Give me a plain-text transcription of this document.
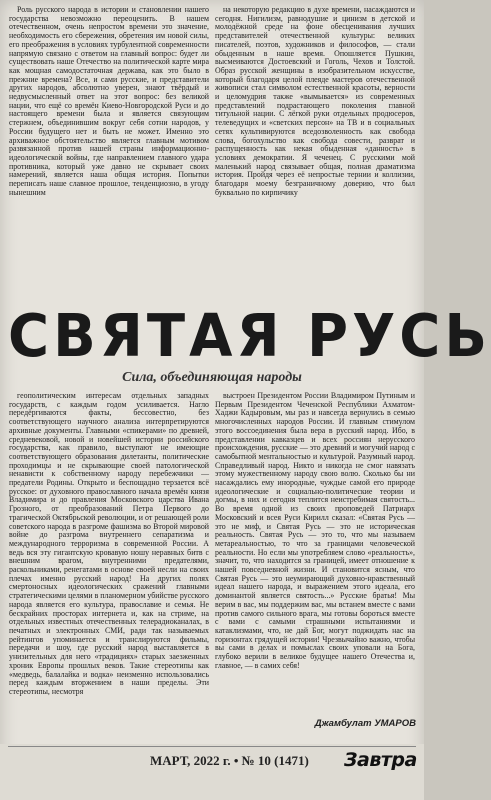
Роль русского народа в истории и становлении нашего государства невозможно переоценить. В нашем отечественном, очень непростом времени это значение, необходимость его сбережения, обретения им новой силы, его преображения в условиях турбулентной современности напрямую связано с ответом на главный вопрос: будет ли существовать наше Отечество на политической карте мира как мощная самодостаточная держава, как это было в прежние времена? Все, и сами русские, и представители других народов, абсолютно уверен, знают твёрдый и недвусмысленный ответ на этот вопрос: без великой нации, что ещё со времён Киево-Новгородской Руси и до настоящего времени была и является связующим стержнем, объединившим вокруг себя сотни народов, у России будущего нет и быть не может. Именно это архиважное обстоятельство является главным мотивом развязанной против нашей страны информационно-идеологической войны, где направлением главного удара противника, который уже давно не скрывает своих намерений, является наша общая история. Попытки переписать наше славное прошлое, тенденциозно, в угоду нынешним

на некоторую редакцию в духе времени, насаждаются и сегодня. Нигилизм, равнодушие и цинизм в детской и молодёжной среде на фоне обесценивания лучших представителей отечественной культуры: великих писателей, поэтов, художников и философов, — стали обыденным в наше время. Опошляется Пушкин, высмеиваются Достоевский и Гоголь, Чехов и Толстой. Образ русской женщины в изобразительном искусстве, который благодаря целой плеяде мастеров отечественной живописи стал символом естественной красоты, верности и целомудрия также «вымывается» из современных представлений подрастающего поколения главной титульной нации. С лёгкой руки отдельных продюсеров, телеведущих и «светских персон» на ТВ и в социальных сетях культивируются вседозволенность как свобода слова, богохульство как свобода совести, разврат и распущенность как некая обыденная «данность» в условиях демократии. Я чеченец. С русскими мой маленький народ связывает общая, полная драматизма история. Пройдя через её непростые тернии и коллизии, благодаря моему безграничному доверию, что был буквально по кирпичику

СВЯТАЯ РУСЬ
Сила, объединяющая народы

геополитическим интересам отдельных западных государств, с каждым годом усиливается. Нагло передёргиваются факты, бессовестно, без соответствующего научного анализа интерпретируются архивные документы. Главными «спикерами» по древней, средневековой, новой и новейшей истории российского государства, как правило, выступают не имеющие соответствующего образования дилетанты, политические проходимцы и не скрывающие своей патологической ненависти к собственному народу перебежчики — предатели Родины. Открыто и беспощадно терзается всё русское: от духовного православного начала времён князя Владимира и до правления Московского царства Ивана Грозного, от преобразований Петра Первого до трагической Октябрьской революции, и от решающей роли советского народа в разгроме фашизма во Второй мировой войне до разгрома внутреннего сепаратизма и международного терроризма в современной России. А ведь вся эту гигантскую кровавую ношу неравных битв с внешним врагом, внутренними предателями, раскольниками, ренегатами в основе своей несли на своих плечах именно русский народ! На других полях смертоносных идеологических сражений главными стратегическими целями в планомерном убийстве русского народа является его культура, православие и семья. Не бескрайних просторах интернета и, как на стриме, на отдельных известных отечественных телерадиоканалах, в печатных и электронных СМИ, ради так называемых рейтингов упоминается и транслируются фильмы, передачи и шоу, где русский народ выставляется в унизительных для него «традициях» старых заезженных хроник Европы прошлых веков. Такие стереотипы как «медведь, балалайка и водка» неизменно использовались перед каждым вторжением в наши пределы. Эти стереотипы, несмотря

выстроен Президентом России Владимиром Путиным и Первым Президентом Чеченской Республики Ахматом-Хаджи Кадыровым, мы раз и навсегда вернулись в семью многочисленных народов России. И главным стимулом этого воссоединения была вера в русский народ. Ибо, в представлении кавказцев и всех россиян нерусского происхождения, русские — это древний и могучий народ с самобытной ментальностью и культурой. Разумный народ. Справедливый народ. Никто и никогда не смог навязать этому мужественному народу свою волю. Сколько бы ни насаждались ему инородные, чуждые самой его природе идеологические и социально-политические теории и догмы, в них и сегодня теплится неистребимая святость... Во время одной из своих проповедей Патриарх Московский и всея Руси Кирилл сказал: «Святая Русь — это не миф, и Святая Русь — это не историческая реальность. Святая Русь — это то, что мы называем метареальностью, то что за границами человеческой реальности. Но если мы употребляем слово «реальность», значит, то, что находится за границей, имеет отношение к нашей повседневной жизни. И становится ясным, что Святая Русь — это неумирающий духовно-нравственный идеал нашего народа, и выражением этого идеала, его доминантой является святость...» Русские братья! Мы верим в вас, мы поддержим вас, мы встанем вместе с вами против самого сильного врага, мы готовы бороться вместе с вами с самыми страшными испытаниями и катаклизмами, что, не дай Бог, могут поджидать нас на горизонтах грядущей истории! Чрезвычайно важно, чтобы вы сами в делах и помыслах своих уповали на Бога, глубоко верили в великое будущее нашего Отечества и, главное, — в самих себя!

Джамбулат УМАРОВ
МАРТ, 2022 г. • № 10 (1471) Завтра
